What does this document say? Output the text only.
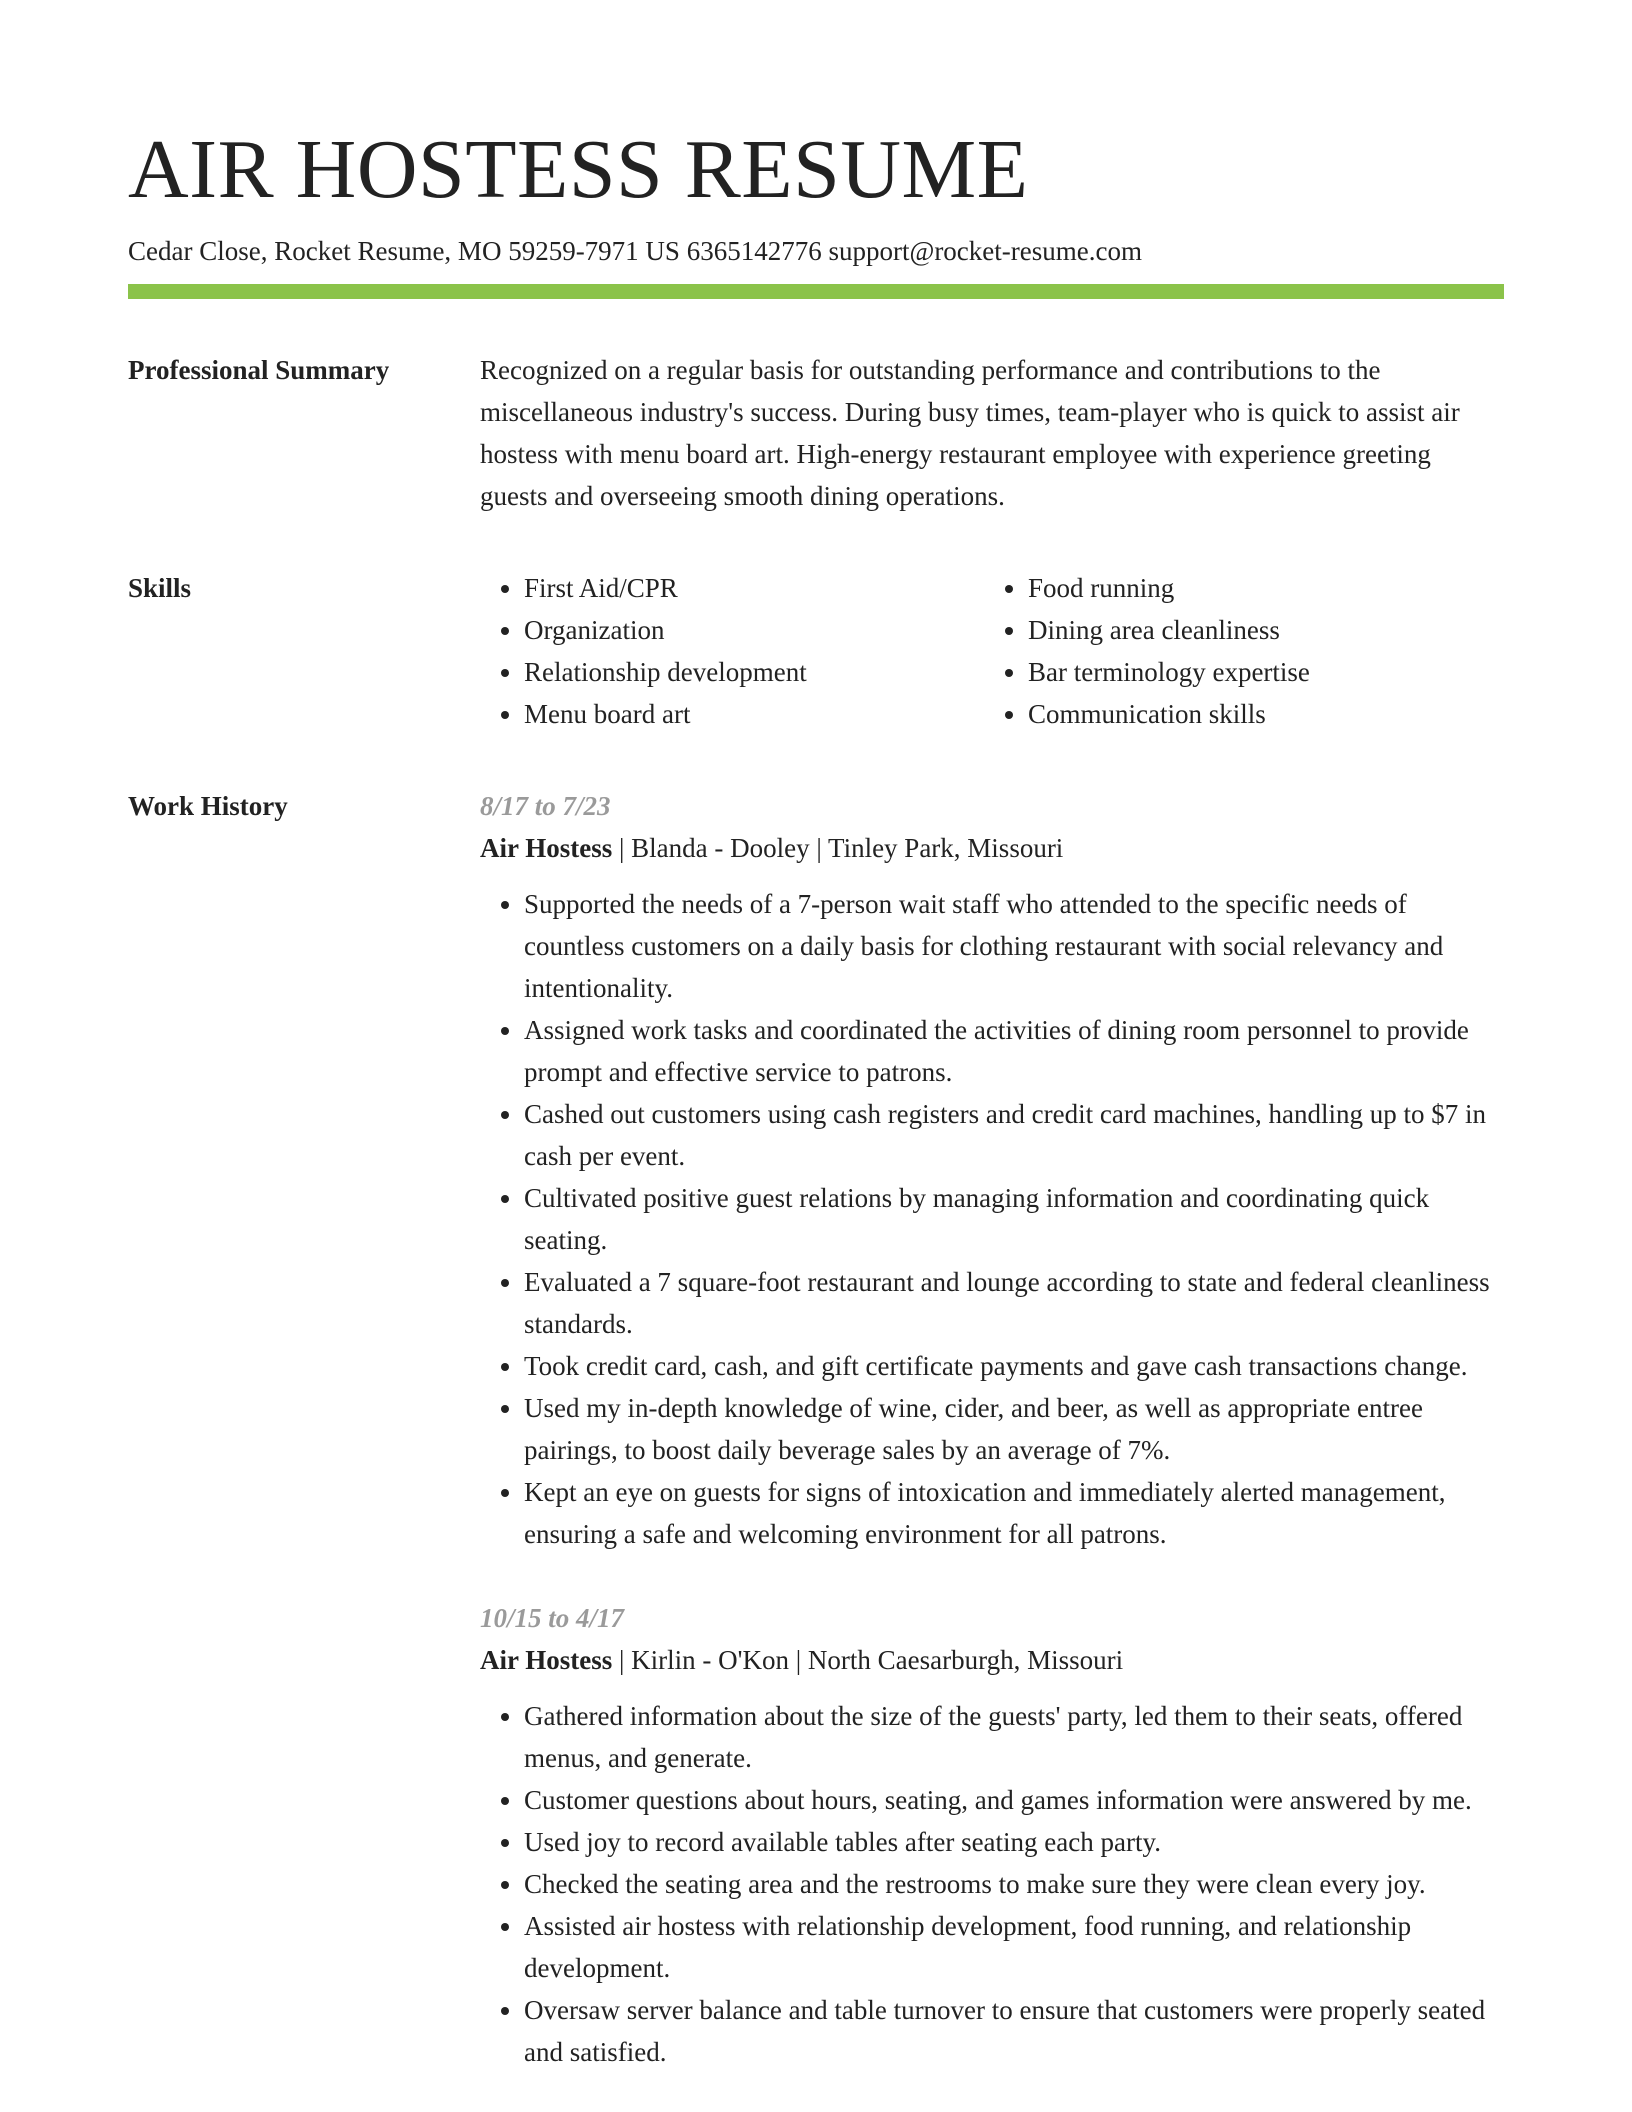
AIR HOSTESS RESUME
Cedar Close, Rocket Resume, MO 59259-7971 US 6365142776 support@rocket-resume.com
Professional Summary	Recognized on a regular basis for outstanding performance and contributions to the miscellaneous industry's success. During busy times, team-player who is quick to assist air hostess with menu board art. High-energy restaurant employee with experience greeting guests and overseeing smooth dining operations.

Skills
•	First Aid/CPR
• Organization
• Relationship development
• Menu board art
• Food running
• Dining area cleanliness
• Bar terminology expertise
• Communication skills
Work History	8/17 to 7/23
Air Hostess | Blanda - Dooley | Tinley Park, Missouri
• Supported the needs of a 7-person wait staff who attended to the specific needs of countless customers on a daily basis for clothing restaurant with social relevancy and intentionality.
• Assigned work tasks and coordinated the activities of dining room personnel to provide prompt and effective service to patrons.
• Cashed out customers using cash registers and credit card machines, handling up to $7 in cash per event.
• Cultivated positive guest relations by managing information and coordinating quick seating.
• Evaluated a 7 square-foot restaurant and lounge according to state and federal cleanliness standards.
• Took credit card, cash, and gift certificate payments and gave cash transactions change.
• Used my in-depth knowledge of wine, cider, and beer, as well as appropriate entree pairings, to boost daily beverage sales by an average of 7%.
• Kept an eye on guests for signs of intoxication and immediately alerted management, ensuring a safe and welcoming environment for all patrons.
10/15 to 4/17
Air Hostess | Kirlin - O'Kon | North Caesarburgh, Missouri
• Gathered information about the size of the guests' party, led them to their seats, offered menus, and generate.
• Customer questions about hours, seating, and games information were answered by me.
• Used joy to record available tables after seating each party.
• Checked the seating area and the restrooms to make sure they were clean every joy.
• Assisted air hostess with relationship development, food running, and relationship development.
• Oversaw server balance and table turnover to ensure that customers were properly seated and satisfied.
